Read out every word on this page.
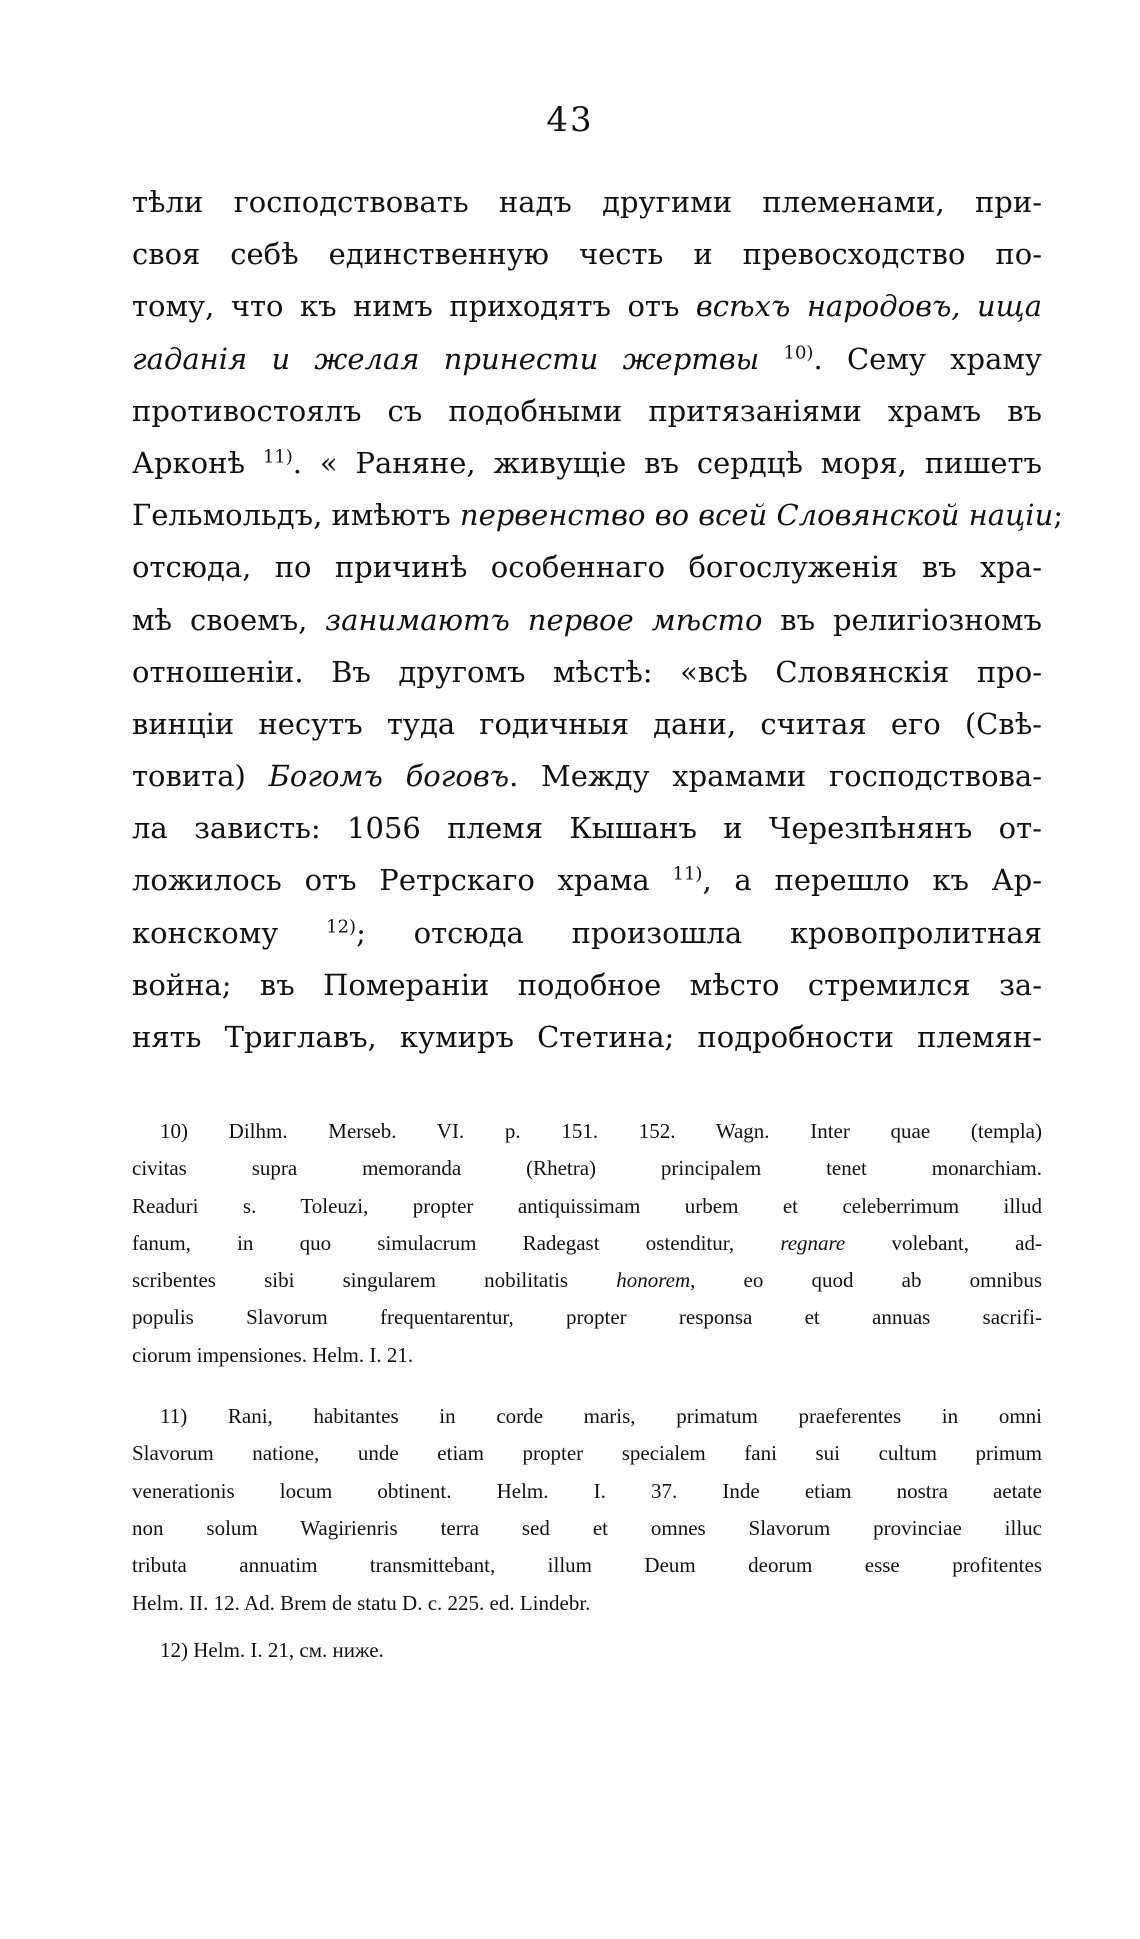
43
тѣли господствовать надъ другими племенами, при-
своя себѣ единственную честь и превосходство по-
тому, что къ нимъ приходятъ отъ всѣхъ народовъ, ища
гаданія и желая принести жертвы $^{10)}$. Сему храму
противостоялъ съ подобными притязаніями храмъ въ
Арконѣ $^{11)}$. « Раняне, живущіе въ сердцѣ моря, пишетъ
Гельмольдъ, имѣютъ первенство во всей Словянской націи;
отсюда, по причинѣ особеннаго богослуженія въ хра-
мѣ своемъ, занимаютъ первое мѣсто въ религіозномъ
отношеніи. Въ другомъ мѣстѣ: «всѣ Словянскія про-
винціи несутъ туда годичныя дани, считая его (Свѣ-
товита) Богомъ боговъ. Между храмами господствова-
ла зависть: 1056 племя Кышанъ и Черезпѣнянъ от-
ложилось отъ Ретрскаго храма $^{11)}$, а перешло къ Ар-
конскому $^{12)}$; отсюда произошла кровопролитная
война; въ Помераніи подобное мѣсто стремился за-
нять Триглавъ, кумиръ Стетина; подробности племян-
10) Dilhm. Merseb. VI. p. 151. 152. Wagn. Inter quae (templa)
civitas supra memoranda (Rhetra) principalem tenet monarchiam.
Readuri s. Toleuzi, propter antiquissimam urbem et celeberrimum illud
fanum, in quo simulacrum Radegast ostenditur, regnare volebant, ad-
scribentes sibi singularem nobilitatis honorem, eo quod ab omnibus
populis Slavorum frequentarentur, propter responsa et annuas sacrifi-
ciorum impensiones. Helm. I. 21.
11) Rani, habitantes in corde maris, primatum praeferentes in omni
Slavorum natione, unde etiam propter specialem fani sui cultum primum
venerationis locum obtinent. Helm. I. 37. Inde etiam nostra aetate
non solum Wagirienris terra sed et omnes Slavorum provinciae illuc
tributa annuatim transmittebant, illum Deum deorum esse profitentes
Helm. II. 12. Ad. Brem de statu D. c. 225. ed. Lindebr.
12) Helm. I. 21, см. ниже.
